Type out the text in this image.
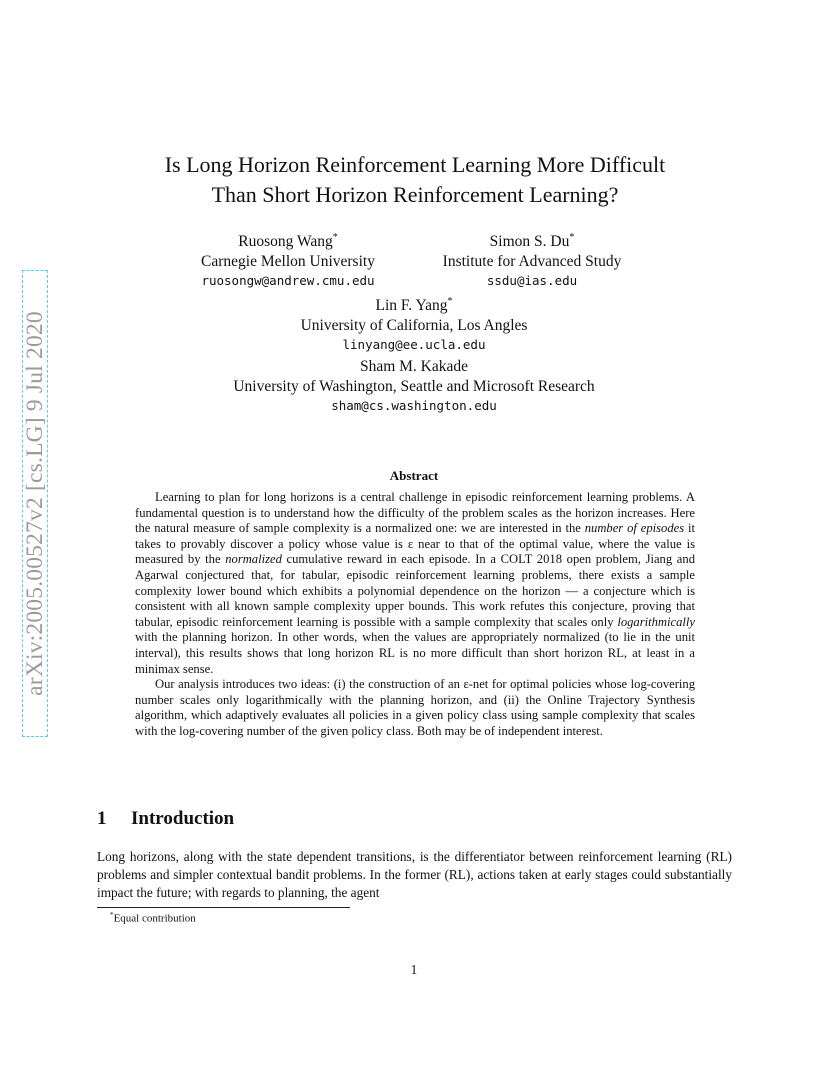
arXiv:2005.00527v2 [cs.LG] 9 Jul 2020
Is Long Horizon Reinforcement Learning More Difficult
Than Short Horizon Reinforcement Learning?
Ruosong Wang*
Carnegie Mellon University
ruosongw@andrew.cmu.edu
Simon S. Du*
Institute for Advanced Study
ssdu@ias.edu
Lin F. Yang*
University of California, Los Angles
linyang@ee.ucla.edu
Sham M. Kakade
University of Washington, Seattle and Microsoft Research
sham@cs.washington.edu
Abstract

Learning to plan for long horizons is a central challenge in episodic reinforcement learning problems. A fundamental question is to understand how the difficulty of the problem scales as the horizon increases. Here the natural measure of sample complexity is a normalized one: we are interested in the number of episodes it takes to provably discover a policy whose value is ε near to that of the optimal value, where the value is measured by the normalized cumulative reward in each episode. In a COLT 2018 open problem, Jiang and Agarwal conjectured that, for tabular, episodic reinforcement learning problems, there exists a sample complexity lower bound which exhibits a polynomial dependence on the horizon — a conjecture which is consistent with all known sample complexity upper bounds. This work refutes this conjecture, proving that tabular, episodic reinforcement learning is possible with a sample complexity that scales only logarithmically with the planning horizon. In other words, when the values are appropriately normalized (to lie in the unit interval), this results shows that long horizon RL is no more difficult than short horizon RL, at least in a minimax sense.

Our analysis introduces two ideas: (i) the construction of an ε-net for optimal policies whose log-covering number scales only logarithmically with the planning horizon, and (ii) the Online Trajectory Synthesis algorithm, which adaptively evaluates all policies in a given policy class using sample complexity that scales with the log-covering number of the given policy class. Both may be of independent interest.

1 Introduction

Long horizons, along with the state dependent transitions, is the differentiator between reinforcement learning (RL) problems and simpler contextual bandit problems. In the former (RL), actions taken at early stages could substantially impact the future; with regards to planning, the agent

*Equal contribution
1
